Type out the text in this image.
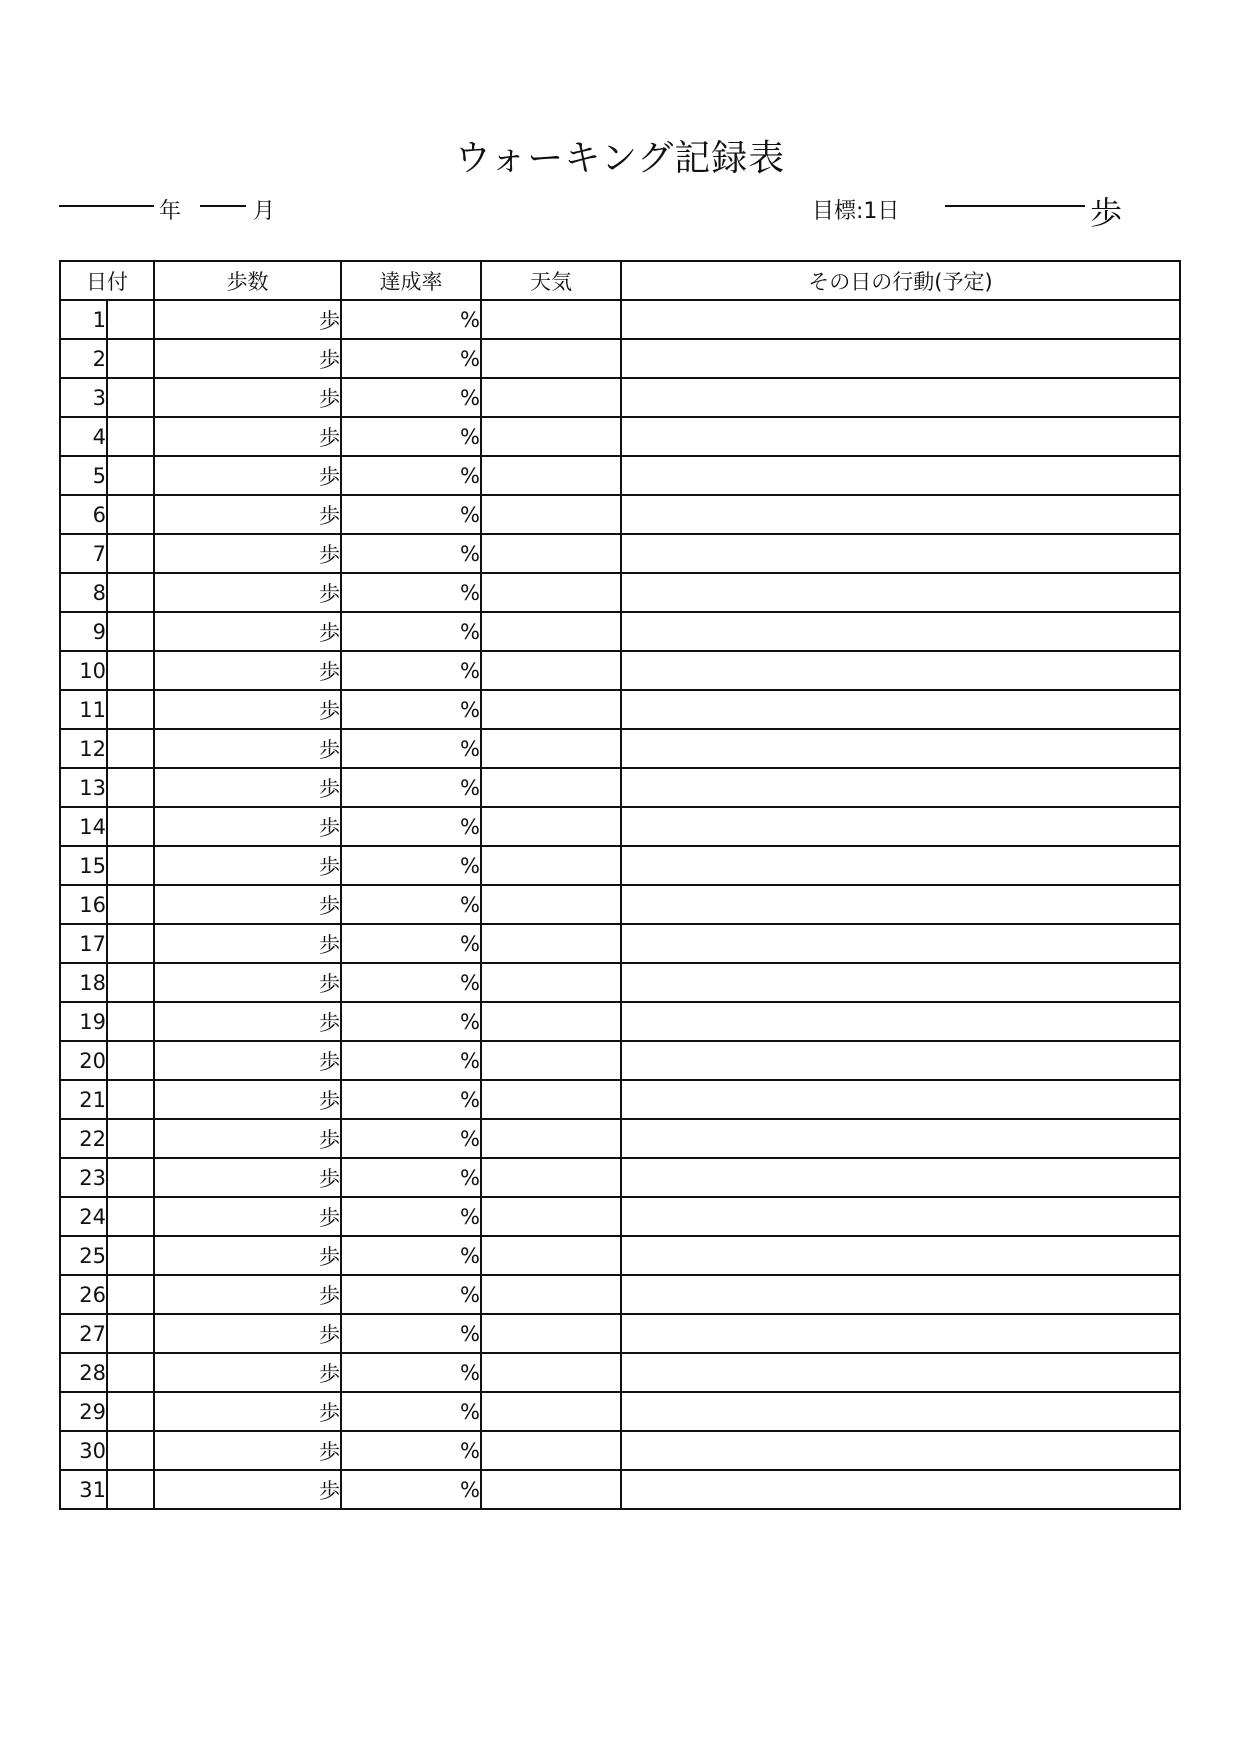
ウォーキング記録表
年	月	目標:1日	歩
日付		歩数	達成率	天気	その日の行動(予定)
1		歩	%		
2		歩	%		
3		歩	%		
4		歩	%		
5		歩	%		
6		歩	%		
7		歩	%		
8		歩	%		
9		歩	%		
10		歩	%		
11		歩	%		
12		歩	%		
13		歩	%		
14		歩	%		
15		歩	%		
16		歩	%		
17		歩	%		
18		歩	%		
19		歩	%		
20		歩	%		
21		歩	%		
22		歩	%		
23		歩	%		
24		歩	%		
25		歩	%		
26		歩	%		
27		歩	%		
28		歩	%		
29		歩	%		
30		歩	%		
31		歩	%		
